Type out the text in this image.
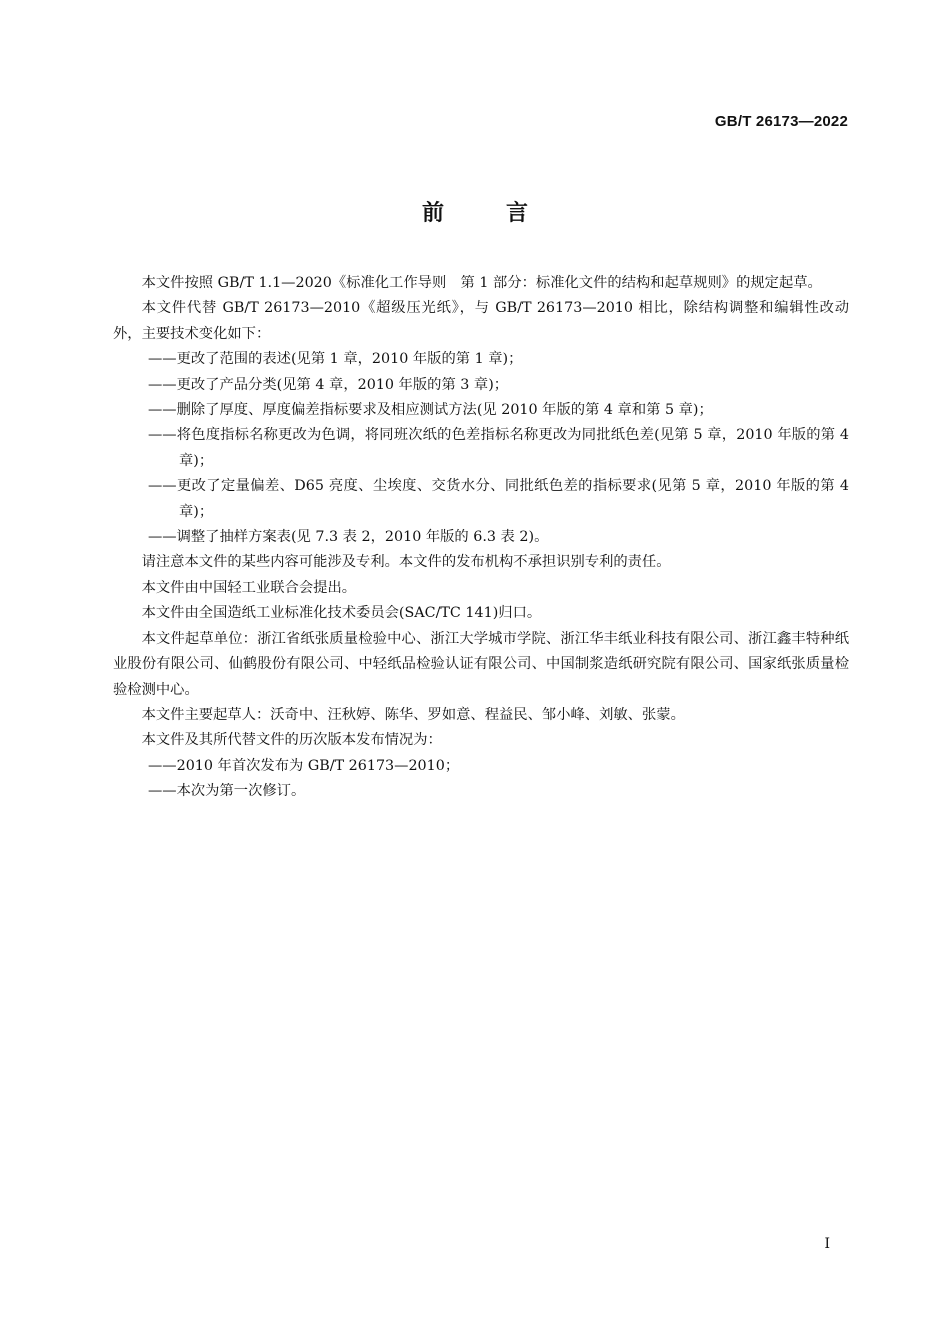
GB/T 26173—2022
前言

本文件按照 GB/T 1.1—2020《标准化工作导则　第 1 部分：标准化文件的结构和起草规则》的规定起草。

本文件代替 GB/T 26173—2010《超级压光纸》，与 GB/T 26173—2010 相比，除结构调整和编辑性改动外，主要技术变化如下：

——更改了范围的表述(见第 1 章，2010 年版的第 1 章)；

——更改了产品分类(见第 4 章，2010 年版的第 3 章)；

——删除了厚度、厚度偏差指标要求及相应测试方法(见 2010 年版的第 4 章和第 5 章)；

——将色度指标名称更改为色调，将同班次纸的色差指标名称更改为同批纸色差(见第 5 章，2010 年版的第 4 章)；

——更改了定量偏差、D65 亮度、尘埃度、交货水分、同批纸色差的指标要求(见第 5 章，2010 年版的第 4 章)；

——调整了抽样方案表(见 7.3 表 2，2010 年版的 6.3 表 2)。

请注意本文件的某些内容可能涉及专利。本文件的发布机构不承担识别专利的责任。

本文件由中国轻工业联合会提出。

本文件由全国造纸工业标准化技术委员会(SAC/TC 141)归口。

本文件起草单位：浙江省纸张质量检验中心、浙江大学城市学院、浙江华丰纸业科技有限公司、浙江鑫丰特种纸业股份有限公司、仙鹤股份有限公司、中轻纸品检验认证有限公司、中国制浆造纸研究院有限公司、国家纸张质量检验检测中心。

本文件主要起草人：沃奇中、汪秋婷、陈华、罗如意、程益民、邹小峰、刘敏、张蒙。

本文件及其所代替文件的历次版本发布情况为：

——2010 年首次发布为 GB/T 26173—2010；

——本次为第一次修订。

I
